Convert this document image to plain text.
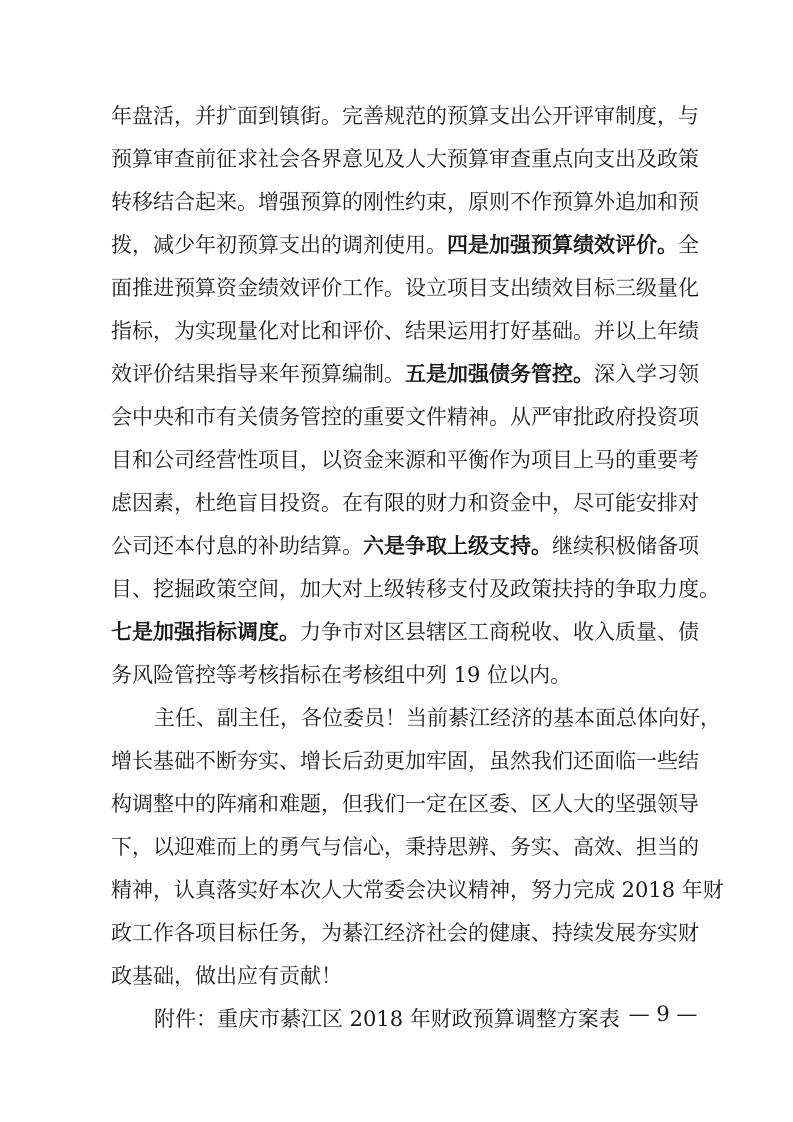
年盘活，并扩面到镇街。完善规范的预算支出公开评审制度，与
预算审查前征求社会各界意见及人大预算审查重点向支出及政策
转移结合起来。增强预算的刚性约束，原则不作预算外追加和预
拨，减少年初预算支出的调剂使用。四是加强预算绩效评价。全
面推进预算资金绩效评价工作。设立项目支出绩效目标三级量化
指标，为实现量化对比和评价、结果运用打好基础。并以上年绩
效评价结果指导来年预算编制。五是加强债务管控。深入学习领
会中央和市有关债务管控的重要文件精神。从严审批政府投资项
目和公司经营性项目，以资金来源和平衡作为项目上马的重要考
虑因素，杜绝盲目投资。在有限的财力和资金中，尽可能安排对
公司还本付息的补助结算。六是争取上级支持。继续积极储备项
目、挖掘政策空间，加大对上级转移支付及政策扶持的争取力度。
七是加强指标调度。力争市对区县辖区工商税收、收入质量、债
务风险管控等考核指标在考核组中列 19 位以内。
主任、副主任，各位委员！当前綦江经济的基本面总体向好，
增长基础不断夯实、增长后劲更加牢固，虽然我们还面临一些结
构调整中的阵痛和难题，但我们一定在区委、区人大的坚强领导
下，以迎难而上的勇气与信心，秉持思辨、务实、高效、担当的
精神，认真落实好本次人大常委会决议精神，努力完成 2018 年财
政工作各项目标任务，为綦江经济社会的健康、持续发展夯实财
政基础，做出应有贡献！
附件：重庆市綦江区 2018 年财政预算调整方案表 — 9 —
